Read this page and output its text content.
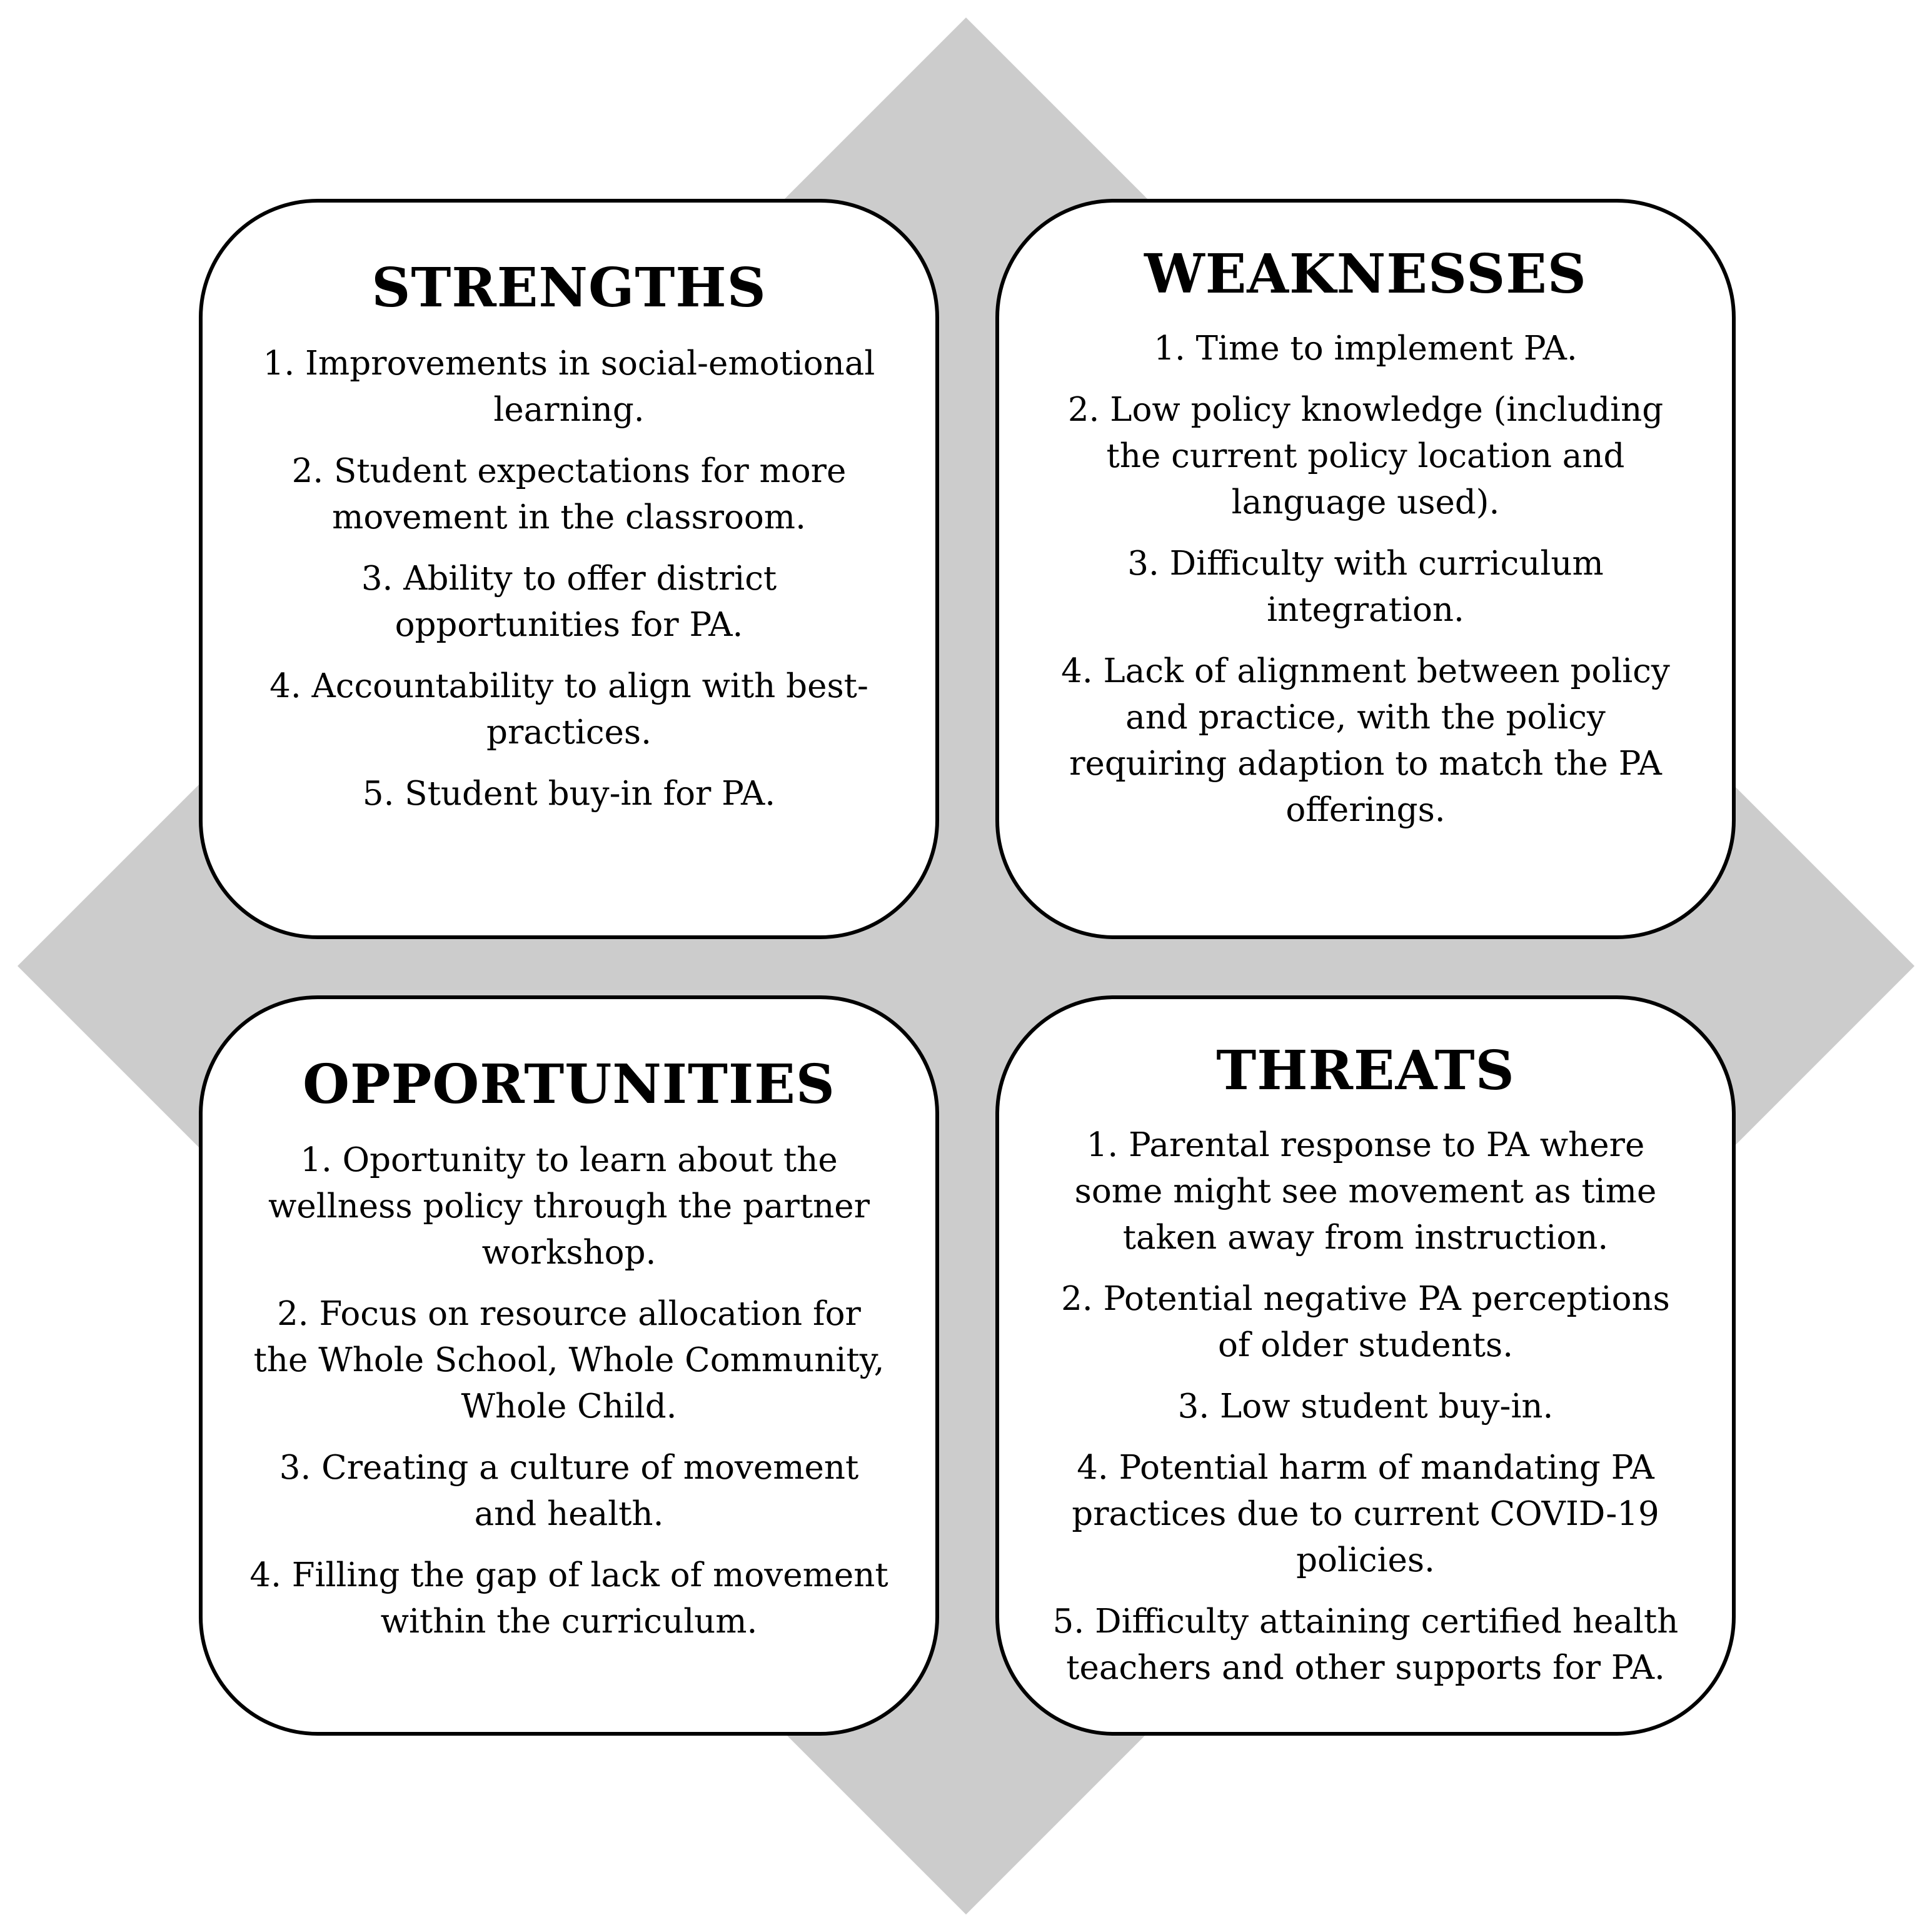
STRENGTHS
1. Improvements in social-emotional learning.
2. Student expectations for more movement in the classroom.
3. Ability to offer district opportunities for PA.
4. Accountability to align with best-practices.
5. Student buy-in for PA.
WEAKNESSES
1. Time to implement PA.
2. Low policy knowledge (including the current policy location and language used).
3. Difficulty with curriculum integration.
4. Lack of alignment between policy and practice, with the policy requiring adaption to match the PA offerings.
OPPORTUNITIES
1. Oportunity to learn about the wellness policy through the partner workshop.
2. Focus on resource allocation for the Whole School, Whole Community, Whole Child.
3. Creating a culture of movement and health.
4. Filling the gap of lack of movement within the curriculum.
THREATS
1. Parental response to PA where some might see movement as time taken away from instruction.
2. Potential negative PA perceptions of older students.
3. Low student buy-in.
4. Potential harm of mandating PA practices due to current COVID-19 policies.
5. Difficulty attaining certified health teachers and other supports for PA.
